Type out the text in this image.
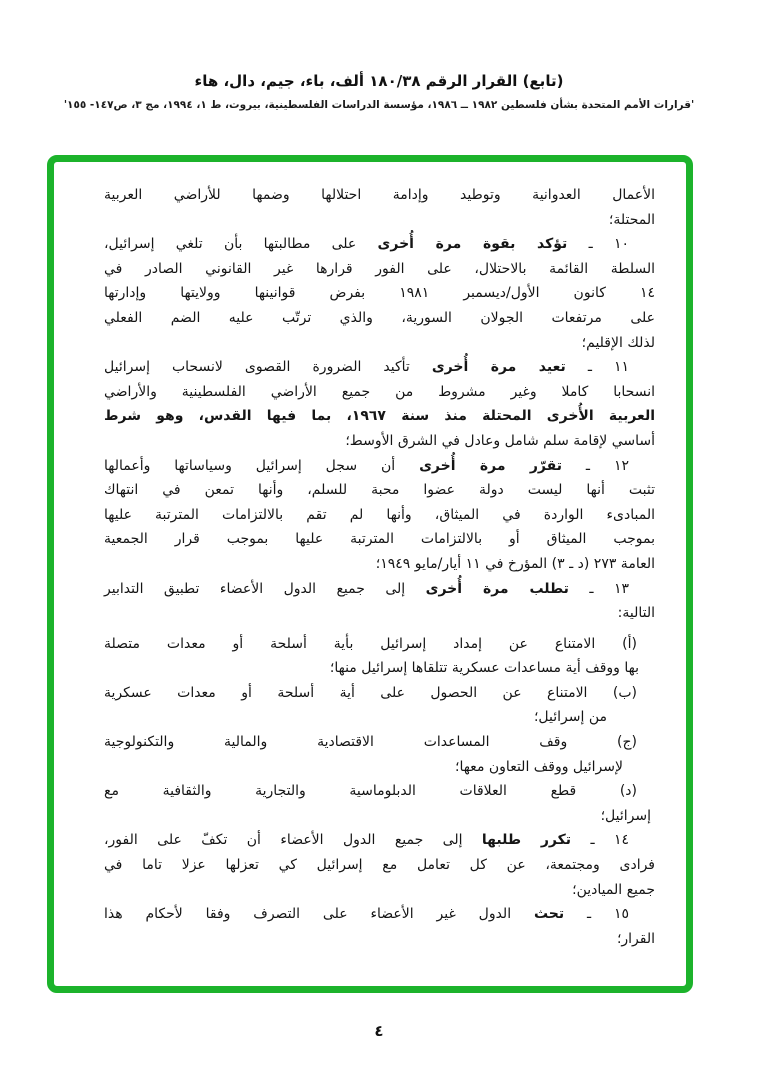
(تابع) القرار الرقم ١٨٠/٣٨ ألف، باء، جيم، دال، هاء
'قرارات الأمم المتحدة بشأن فلسطين ١٩٨٢ ــ ١٩٨٦، مؤسسة الدراسات الفلسطينية، بيروت، ط ١، ١٩٩٤، مج ٣، ص١٤٧- ١٥٥'
الأعمال العدوانية وتوطيد وإدامة احتلالها وضمها للأراضي العربية
المحتلة؛
١٠ ـ تؤكد بقوة مرة أُخرى على مطالبتها بأن تلغي إسرائيل،
السلطة القائمة بالاحتلال، على الفور قرارها غير القانوني الصادر في
١٤ كانون الأول/ديسمبر ١٩٨١ بفرض قوانينها وولايتها وإدارتها
على مرتفعات الجولان السورية، والذي ترتّب عليه الضم الفعلي
لذلك الإقليم؛
١١ ـ تعيد مرة أُخرى تأكيد الضرورة القصوى لانسحاب إسرائيل
انسحابا كاملا وغير مشروط من جميع الأراضي الفلسطينية والأراضي
العربية الأُخرى المحتلة منذ سنة ١٩٦٧، بما فيها القدس، وهو شرط
أساسي لإقامة سلم شامل وعادل في الشرق الأوسط؛
١٢ ـ تقرّر مرة أُخرى أن سجل إسرائيل وسياساتها وأعمالها
تثبت أنها ليست دولة عضوا محبة للسلم، وأنها تمعن في انتهاك
المبادىء الواردة في الميثاق، وأنها لم تقم بالالتزامات المترتبة عليها
بموجب الميثاق أو بالالتزامات المترتبة عليها بموجب قرار الجمعية
العامة ٢٧٣ (د ـ ٣) المؤرخ في ١١ أيار/مايو ١٩٤٩؛
١٣ ـ تطلب مرة أُخرى إلى جميع الدول الأعضاء تطبيق التدابير
التالية:
(أ) الامتناع عن إمداد إسرائيل بأية أسلحة أو معدات متصلة
بها ووقف أية مساعدات عسكرية تتلقاها إسرائيل منها؛
(ب) الامتناع عن الحصول على أية أسلحة أو معدات عسكرية
من إسرائيل؛
(ج) وقف المساعدات الاقتصادية والمالية والتكنولوجية
لإسرائيل ووقف التعاون معها؛
(د) قطع العلاقات الدبلوماسية والتجارية والثقافية مع
إسرائيل؛
١٤ ـ تكرر طلبها إلى جميع الدول الأعضاء أن تكفّ على الفور،
فرادى ومجتمعة، عن كل تعامل مع إسرائيل كي تعزلها عزلا تاما في
جميع الميادين؛
١٥ ـ تحث الدول غير الأعضاء على التصرف وفقا لأحكام هذا
القرار؛
٤
